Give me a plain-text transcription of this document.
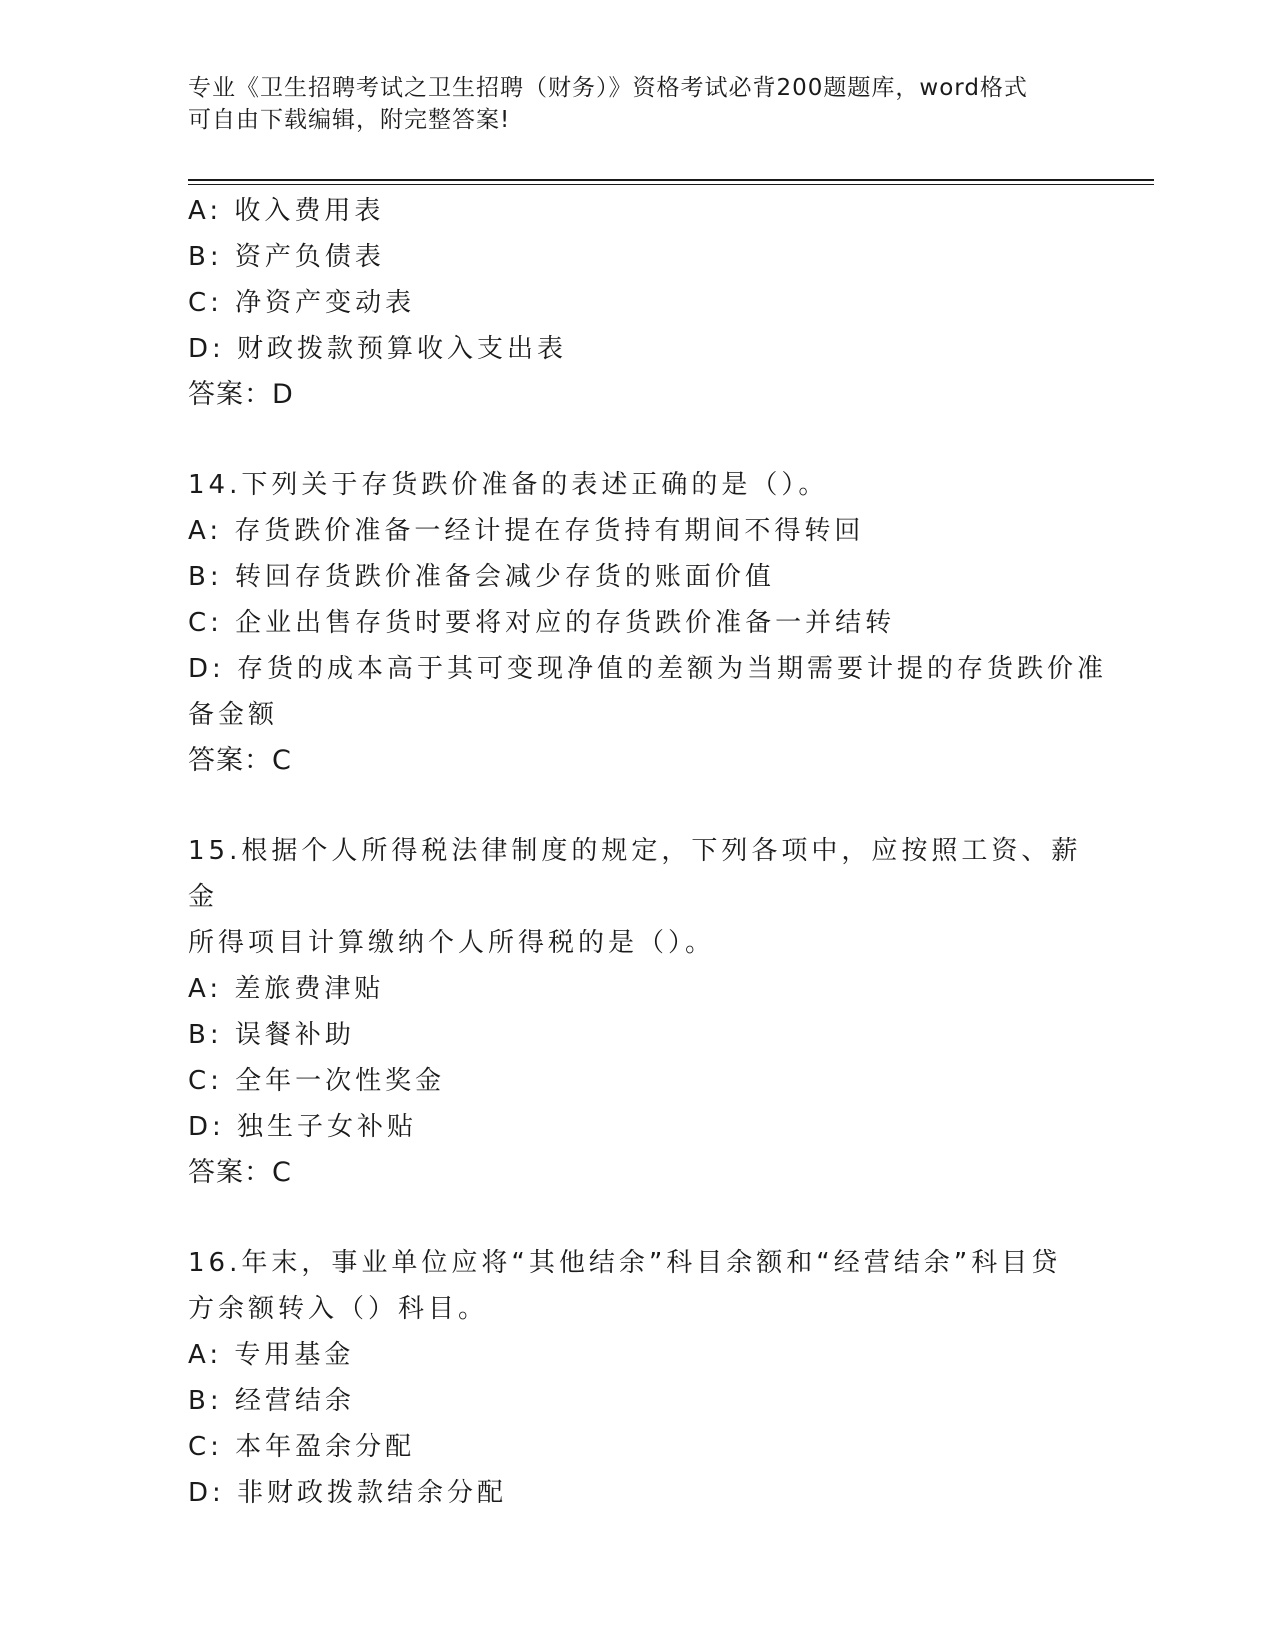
专业《卫生招聘考试之卫生招聘（财务）》资格考试必背200题题库，word格式
可自由下载编辑，附完整答案!
A: 收入费用表
B: 资产负债表
C: 净资产变动表
D: 财政拨款预算收入支出表
答案：D
14.下列关于存货跌价准备的表述正确的是（）。
A: 存货跌价准备一经计提在存货持有期间不得转回
B: 转回存货跌价准备会减少存货的账面价值
C: 企业出售存货时要将对应的存货跌价准备一并结转
D: 存货的成本高于其可变现净值的差额为当期需要计提的存货跌价准
备金额
答案：C
15.根据个人所得税法律制度的规定，下列各项中，应按照工资、薪金
所得项目计算缴纳个人所得税的是（）。
A: 差旅费津贴
B: 误餐补助
C: 全年一次性奖金
D: 独生子女补贴
答案：C
16.年末，事业单位应将“其他结余”科目余额和“经营结余”科目贷
方余额转入（）科目。
A: 专用基金
B: 经营结余
C: 本年盈余分配
D: 非财政拨款结余分配
